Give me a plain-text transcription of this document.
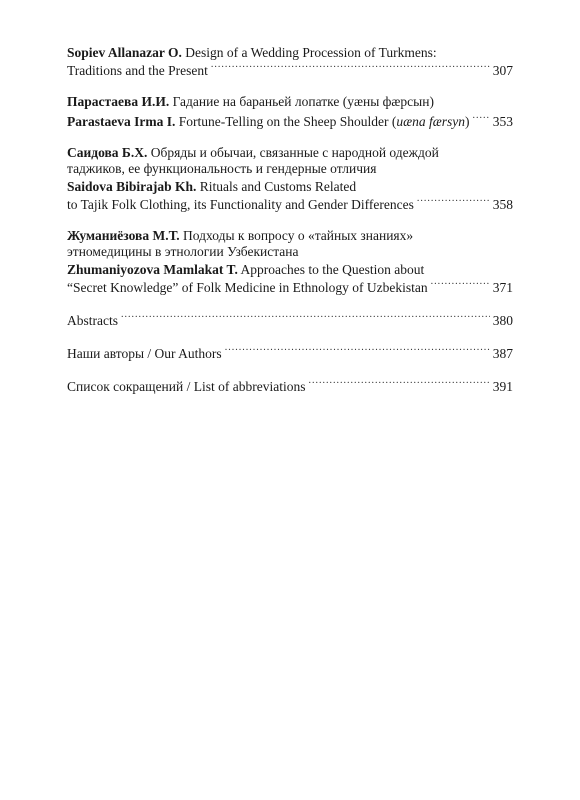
Sopiev Allanazar O. Design of a Wedding Procession of Turkmens:
Traditions and the Present .....	307
Парастаева И.И. Гадание на бараньей лопатке (уæны фæрсын)
Parastaeva Irma I. Fortune-Telling on the Sheep Shoulder (uæna færsyn) ..... 353
Саидова Б.Х. Обряды и обычаи, связанные с народной одеждой
таджиков, ее функциональность и гендерные отличия
Saidova Bibirajab Kh. Rituals and Customs Related
to Tajik Folk Clothing, its Functionality and Gender Differences .....	358
Жуманиёзова М.Т. Подходы к вопросу о «тайных знаниях»
этномедицины в этнологии Узбекистана
Zhumaniyozova Mamlakat T. Approaches to the Question about
“Secret Knowledge” of Folk Medicine in Ethnology of Uzbekistan .....	371
Abstracts .....	380
Наши авторы / Our Authors .....	387
Список сокращений / List of abbreviations .....	391
